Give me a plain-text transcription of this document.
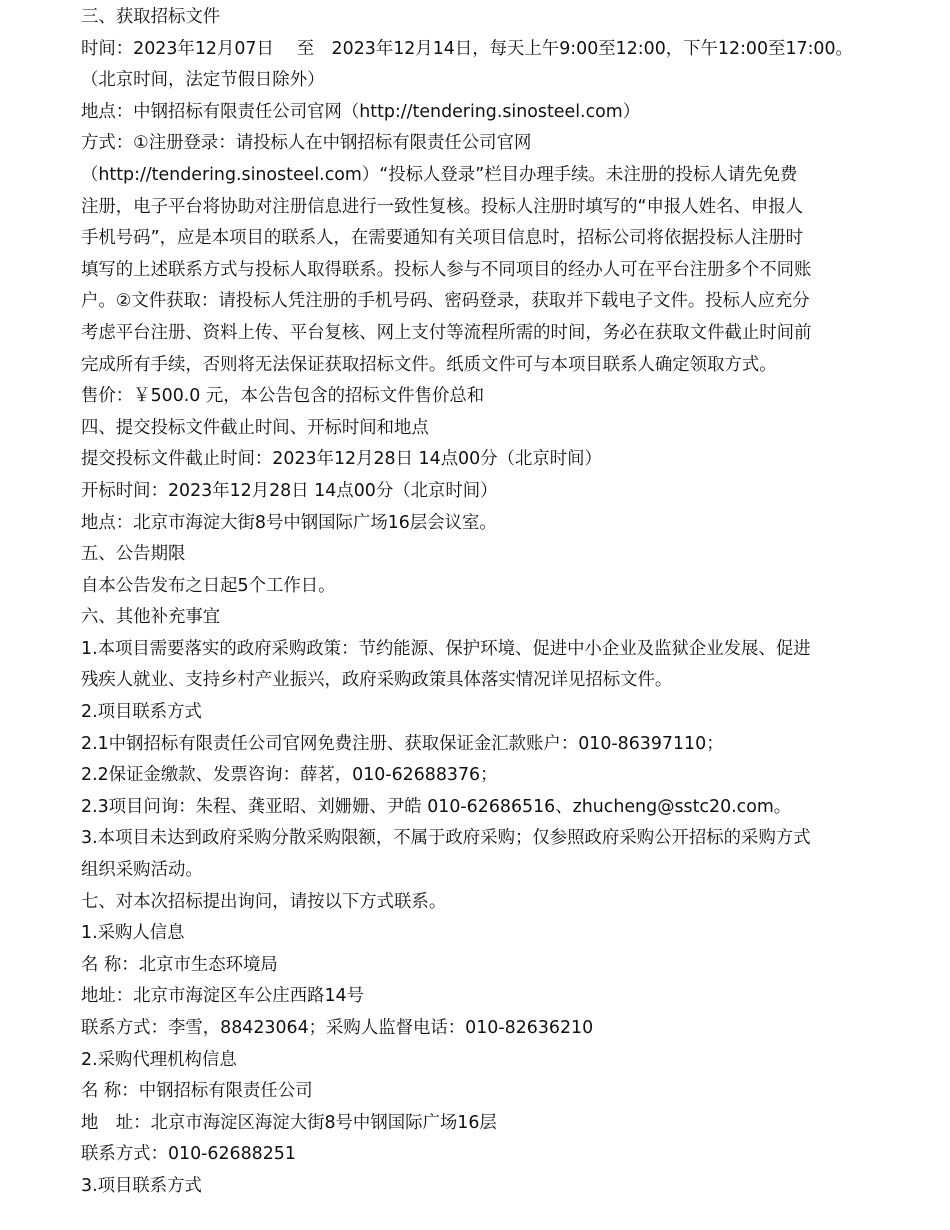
三、获取招标文件
时间：2023年12月07日　 至　2023年12月14日，每天上午9:00至12:00，下午12:00至17:00。
（北京时间，法定节假日除外）
地点：中钢招标有限责任公司官网（http://tendering.sinosteel.com）
方式：①注册登录：请投标人在中钢招标有限责任公司官网
（http://tendering.sinosteel.com）“投标人登录”栏目办理手续。未注册的投标人请先免费
注册，电子平台将协助对注册信息进行一致性复核。投标人注册时填写的“申报人姓名、申报人
手机号码”，应是本项目的联系人，在需要通知有关项目信息时，招标公司将依据投标人注册时
填写的上述联系方式与投标人取得联系。投标人参与不同项目的经办人可在平台注册多个不同账
户。②文件获取：请投标人凭注册的手机号码、密码登录，获取并下载电子文件。投标人应充分
考虑平台注册、资料上传、平台复核、网上支付等流程所需的时间，务必在获取文件截止时间前
完成所有手续，否则将无法保证获取招标文件。纸质文件可与本项目联系人确定领取方式。
售价：￥500.0 元，本公告包含的招标文件售价总和
四、提交投标文件截止时间、开标时间和地点
提交投标文件截止时间：2023年12月28日 14点00分（北京时间）
开标时间：2023年12月28日 14点00分（北京时间）
地点：北京市海淀大街8号中钢国际广场16层会议室。
五、公告期限
自本公告发布之日起5个工作日。
六、其他补充事宜
1.本项目需要落实的政府采购政策：节约能源、保护环境、促进中小企业及监狱企业发展、促进
残疾人就业、支持乡村产业振兴，政府采购政策具体落实情况详见招标文件。
2.项目联系方式
2.1中钢招标有限责任公司官网免费注册、获取保证金汇款账户：010-86397110；
2.2保证金缴款、发票咨询：薛茗，010-62688376；
2.3项目问询：朱程、龚亚昭、刘姗姗、尹皓 010-62686516、zhucheng@sstc20.com。
3.本项目未达到政府采购分散采购限额，不属于政府采购；仅参照政府采购公开招标的采购方式
组织采购活动。
七、对本次招标提出询问，请按以下方式联系。
1.采购人信息
名 称：北京市生态环境局
地址：北京市海淀区车公庄西路14号
联系方式：李雪，88423064；采购人监督电话：010-82636210
2.采购代理机构信息
名 称：中钢招标有限责任公司
地　址：北京市海淀区海淀大街8号中钢国际广场16层
联系方式：010-62688251
3.项目联系方式
